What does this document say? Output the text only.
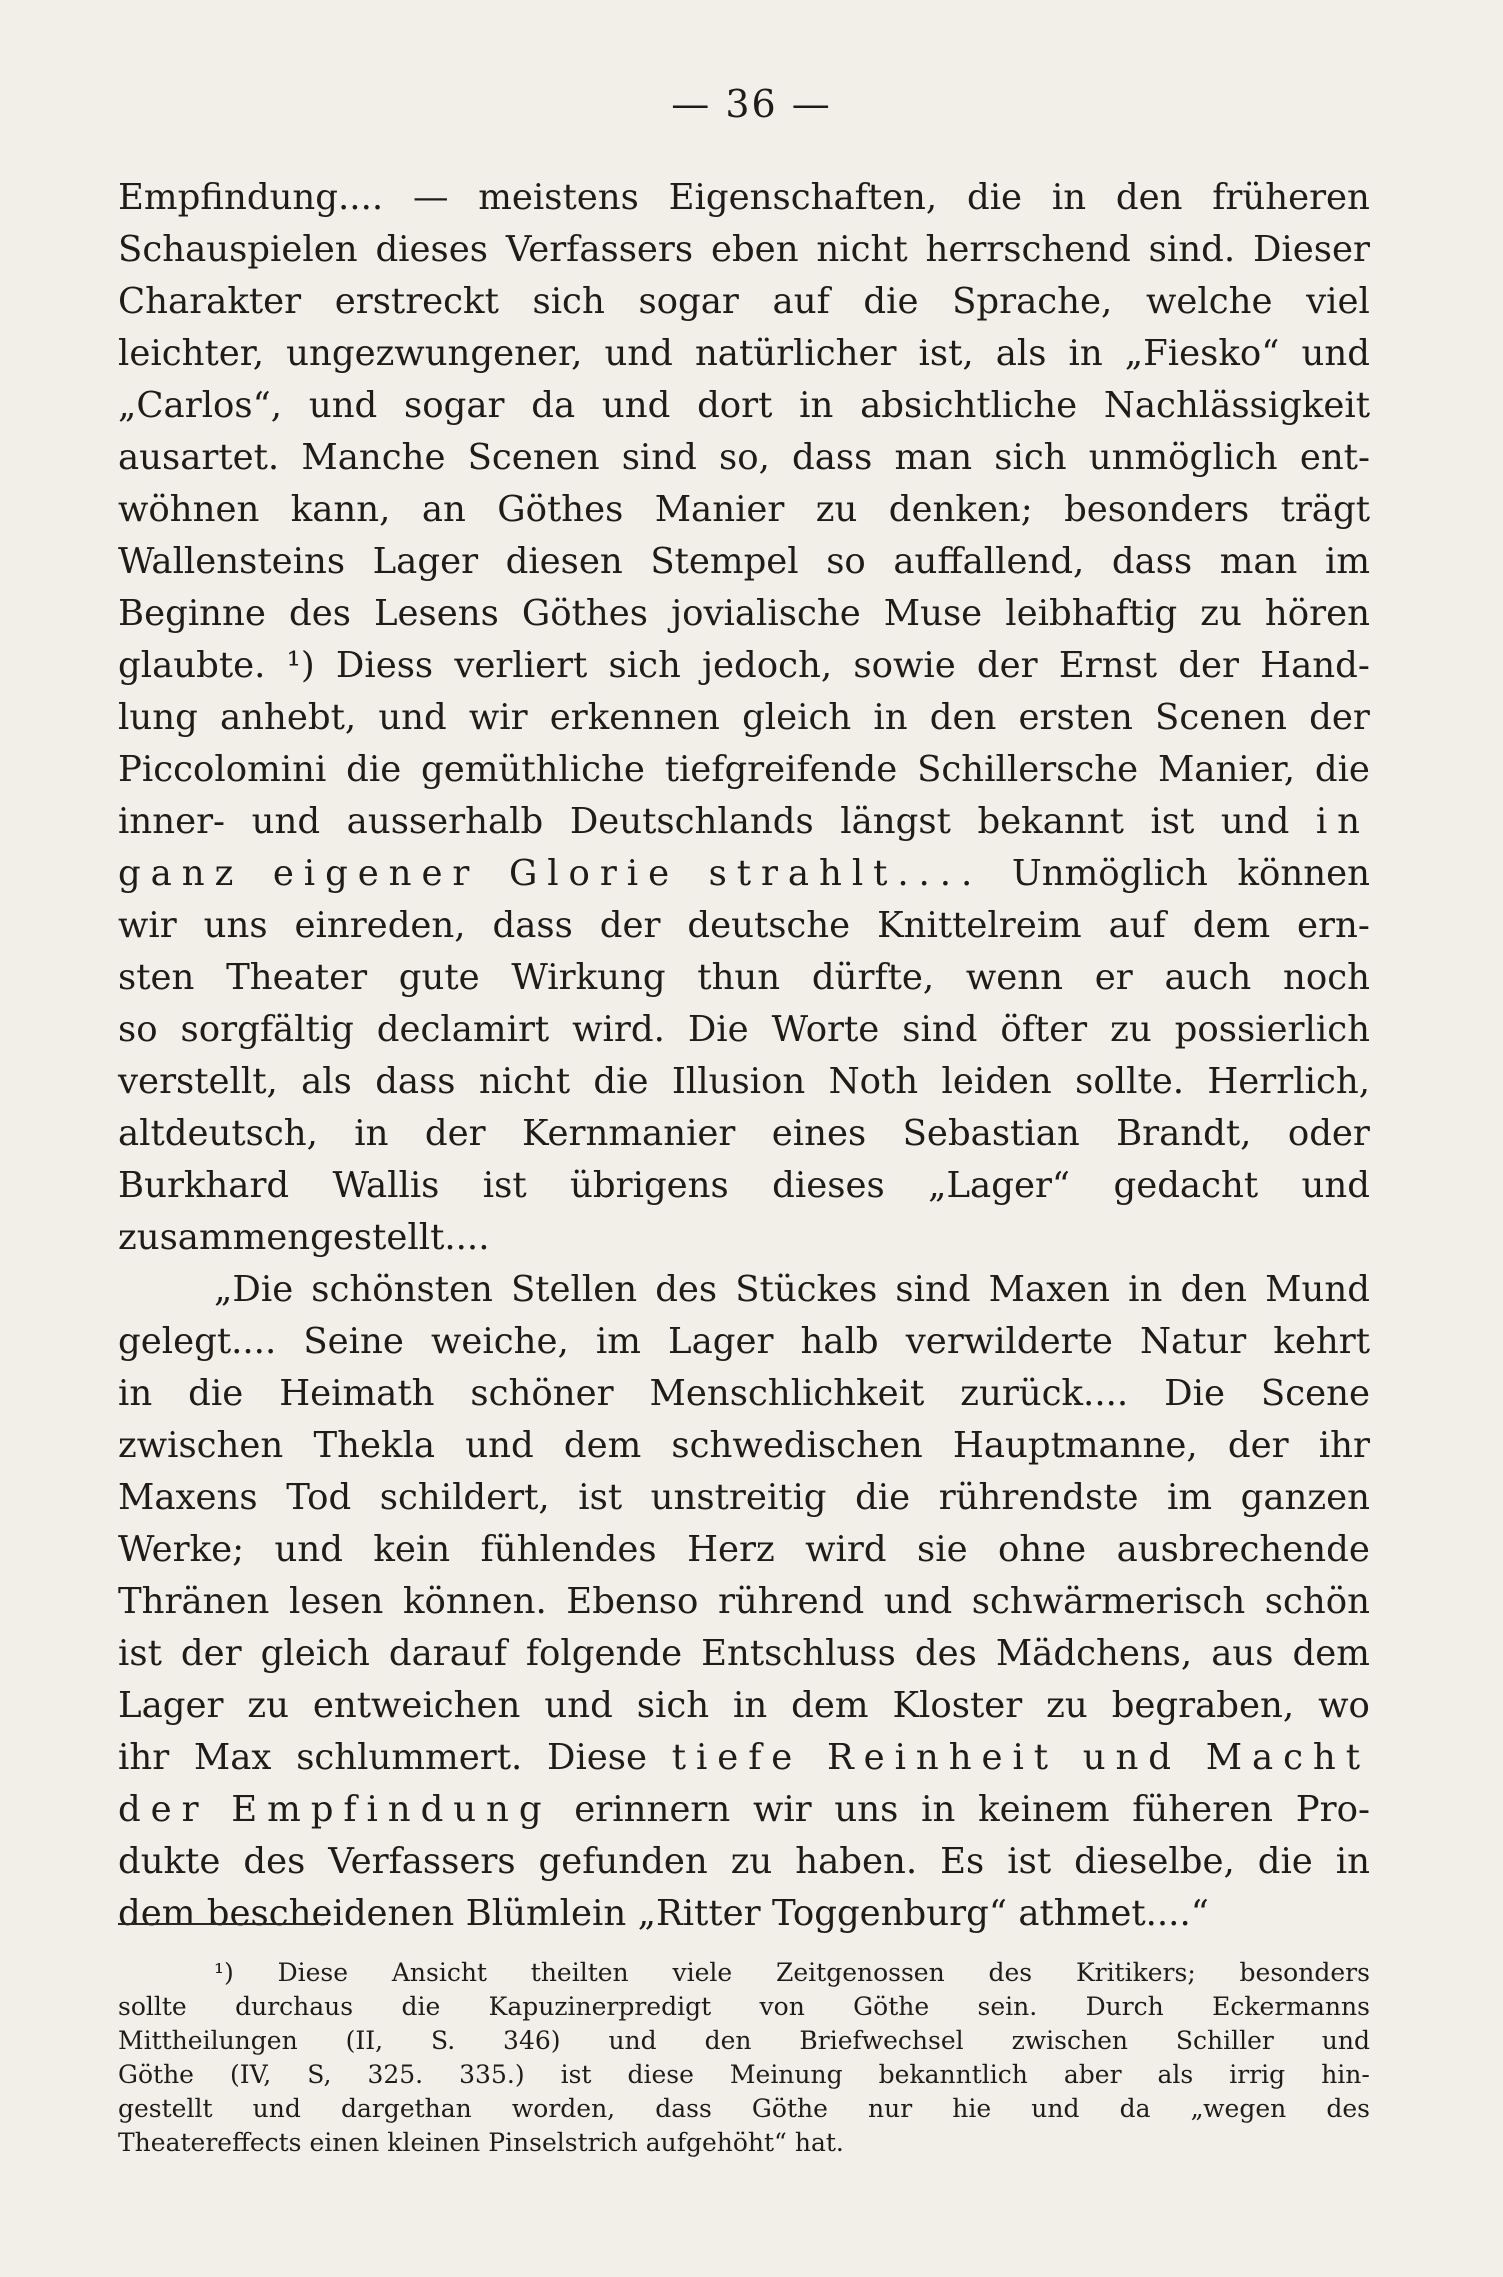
— 36 —
Empfindung.... — meistens Eigenschaften, die in den früheren
Schauspielen dieses Verfassers eben nicht herrschend sind. Dieser
Charakter erstreckt sich sogar auf die Sprache, welche viel
leichter, ungezwungener, und natürlicher ist, als in „Fiesko“ und
„Carlos“, und sogar da und dort in absichtliche Nachlässigkeit
ausartet. Manche Scenen sind so, dass man sich unmöglich ent-
wöhnen kann, an Göthes Manier zu denken; besonders trägt
Wallensteins Lager diesen Stempel so auffallend, dass man im
Beginne des Lesens Göthes jovialische Muse leibhaftig zu hören
glaubte. ¹) Diess verliert sich jedoch, sowie der Ernst der Hand-
lung anhebt, und wir erkennen gleich in den ersten Scenen der
Piccolomini die gemüthliche tiefgreifende Schillersche Manier, die
inner- und ausserhalb Deutschlands längst bekannt ist und in
ganz eigener Glorie strahlt.... Unmöglich können
wir uns einreden, dass der deutsche Knittelreim auf dem ern-
sten Theater gute Wirkung thun dürfte, wenn er auch noch
so sorgfältig declamirt wird. Die Worte sind öfter zu possierlich
verstellt, als dass nicht die Illusion Noth leiden sollte. Herrlich,
altdeutsch, in der Kernmanier eines Sebastian Brandt, oder
Burkhard Wallis ist übrigens dieses „Lager“ gedacht und
zusammengestellt....
„Die schönsten Stellen des Stückes sind Maxen in den Mund
gelegt.... Seine weiche, im Lager halb verwilderte Natur kehrt
in die Heimath schöner Menschlichkeit zurück.... Die Scene
zwischen Thekla und dem schwedischen Hauptmanne, der ihr
Maxens Tod schildert, ist unstreitig die rührendste im ganzen
Werke; und kein fühlendes Herz wird sie ohne ausbrechende
Thränen lesen können. Ebenso rührend und schwärmerisch schön
ist der gleich darauf folgende Entschluss des Mädchens, aus dem
Lager zu entweichen und sich in dem Kloster zu begraben, wo
ihr Max schlummert. Diese tiefe Reinheit und Macht
der Empfindung erinnern wir uns in keinem füheren Pro-
dukte des Verfassers gefunden zu haben. Es ist dieselbe, die in
dem bescheidenen Blümlein „Ritter Toggenburg“ athmet....“
¹) Diese Ansicht theilten viele Zeitgenossen des Kritikers; besonders
sollte durchaus die Kapuzinerpredigt von Göthe sein. Durch Eckermanns
Mittheilungen (II, S. 346) und den Briefwechsel zwischen Schiller und
Göthe (IV, S, 325. 335.) ist diese Meinung bekanntlich aber als irrig hin-
gestellt und dargethan worden, dass Göthe nur hie und da „wegen des
Theatereffects einen kleinen Pinselstrich aufgehöht“ hat.
